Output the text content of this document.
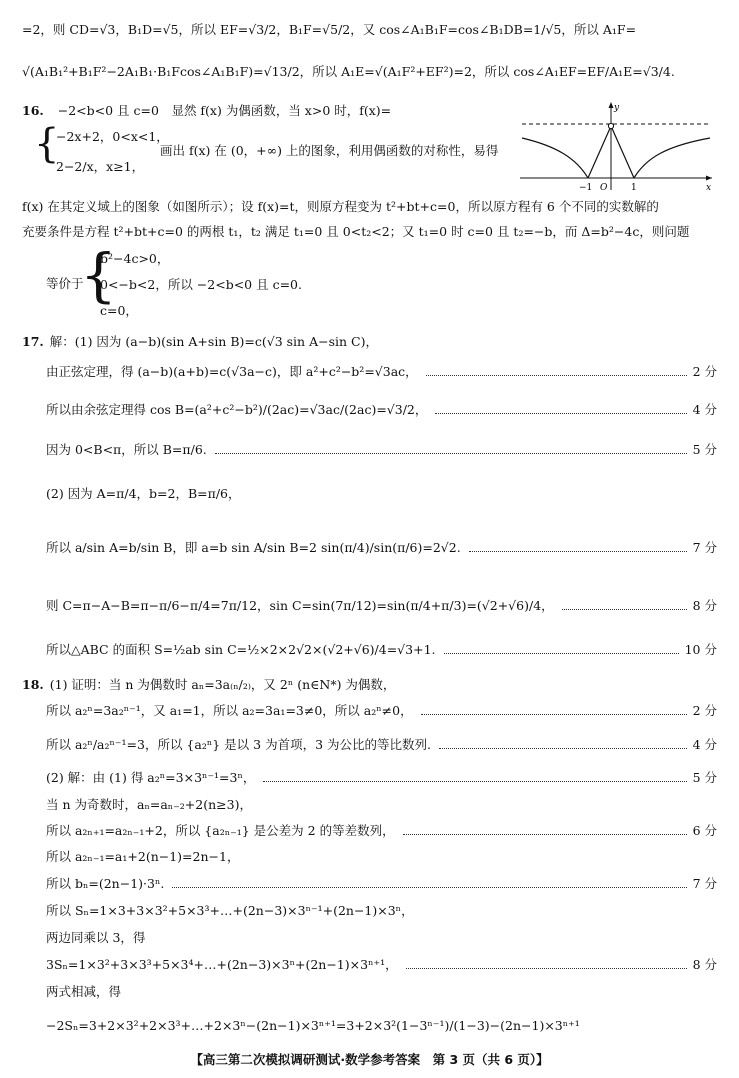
=2，则 CD=√3，B₁D=√5，所以 EF=√3/2，B₁F=√5/2，又 cos∠A₁B₁F=cos∠B₁DB=1/√5，所以 A₁F=
√(A₁B₁²+B₁F²−2A₁B₁·B₁Fcos∠A₁B₁F)=√13/2，所以 A₁E=√(A₁F²+EF²)=2，所以 cos∠A₁EF=EF/A₁E=√3/4.
16. −2<b<0 且 c=0　显然 f(x) 为偶函数，当 x>0 时，f(x)=
{
−2x+2，0<x<1，
2−2/x，x≥1，
画出 f(x) 在 (0，+∞) 上的图象，利用偶函数的对称性，易得
y
x
O
−1	1
f(x) 在其定义域上的图象（如图所示）；设 f(x)=t，则原方程变为 t²+bt+c=0，所以原方程有 6 个不同的实数解的
充要条件是方程 t²+bt+c=0 的两根 t₁，t₂ 满足 t₁=0 且 0<t₂<2；又 t₁=0 时 c=0 且 t₂=−b，而 Δ=b²−4c，则问题
等价于
{
b²−4c>0，
0<−b<2，所以 −2<b<0 且 c=0.
c=0，
17. 解：(1) 因为 (a−b)(sin A+sin B)=c(√3 sin A−sin C)，
由正弦定理，得 (a−b)(a+b)=c(√3a−c)，即 a²+c²−b²=√3ac，	2 分
所以由余弦定理得 cos B=(a²+c²−b²)/(2ac)=√3ac/(2ac)=√3/2，	4 分
因为 0<B<π，所以 B=π/6.	5 分
(2) 因为 A=π/4，b=2，B=π/6，
所以 a/sin A=b/sin B，即 a=b sin A/sin B=2 sin(π/4)/sin(π/6)=2√2.	7 分
则 C=π−A−B=π−π/6−π/4=7π/12，sin C=sin(7π/12)=sin(π/4+π/3)=(√2+√6)/4，	8 分
所以△ABC 的面积 S=½ab sin C=½×2×2√2×(√2+√6)/4=√3+1.	10 分
18. (1) 证明：当 n 为偶数时 aₙ=3a₍ₙ/₂₎，又 2ⁿ (n∈N*) 为偶数，
所以 a₂ⁿ=3a₂ⁿ⁻¹，又 a₁=1，所以 a₂=3a₁=3≠0，所以 a₂ⁿ≠0，	2 分
所以 a₂ⁿ/a₂ⁿ⁻¹=3，所以 {a₂ⁿ} 是以 3 为首项，3 为公比的等比数列.	4 分
(2) 解：由 (1) 得 a₂ⁿ=3×3ⁿ⁻¹=3ⁿ，	5 分
当 n 为奇数时，aₙ=aₙ₋₂+2(n≥3)，
所以 a₂ₙ₊₁=a₂ₙ₋₁+2，所以 {a₂ₙ₋₁} 是公差为 2 的等差数列，	6 分
所以 a₂ₙ₋₁=a₁+2(n−1)=2n−1，
所以 bₙ=(2n−1)·3ⁿ.	7 分
所以 Sₙ=1×3+3×3²+5×3³+…+(2n−3)×3ⁿ⁻¹+(2n−1)×3ⁿ，
两边同乘以 3，得
3Sₙ=1×3²+3×3³+5×3⁴+…+(2n−3)×3ⁿ+(2n−1)×3ⁿ⁺¹，	8 分
两式相减，得
−2Sₙ=3+2×3²+2×3³+…+2×3ⁿ−(2n−1)×3ⁿ⁺¹=3+2×3²(1−3ⁿ⁻¹)/(1−3)−(2n−1)×3ⁿ⁺¹
【高三第二次模拟调研测试·数学参考答案　第 3 页（共 6 页）】
